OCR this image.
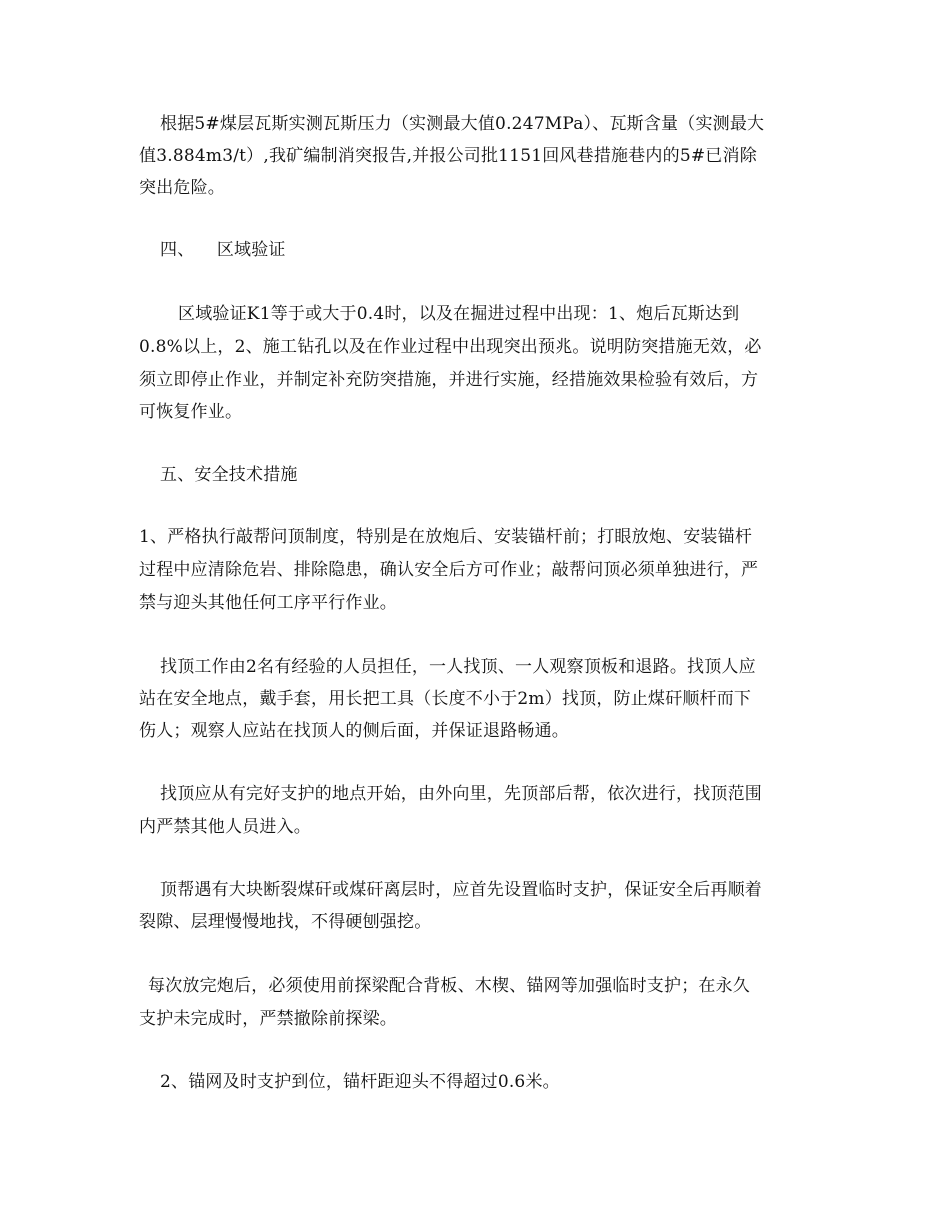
根据5#煤层瓦斯实测瓦斯压力（实测最大值0.247MPa）、瓦斯含量（实测最大
值3.884m3/t）,我矿编制消突报告,并报公司批1151回风巷措施巷内的5#已消除
突出危险。
四、    区域验证
区域验证K1等于或大于0.4时，以及在掘进过程中出现：1、炮后瓦斯达到
0.8%以上，2、施工钻孔以及在作业过程中出现突出预兆。说明防突措施无效，必
须立即停止作业，并制定补充防突措施，并进行实施，经措施效果检验有效后，方
可恢复作业。
五、安全技术措施
1、严格执行敲帮问顶制度，特别是在放炮后、安装锚杆前；打眼放炮、安装锚杆
过程中应清除危岩、排除隐患，确认安全后方可作业；敲帮问顶必须单独进行，严
禁与迎头其他任何工序平行作业。
找顶工作由2名有经验的人员担任，一人找顶、一人观察顶板和退路。找顶人应
站在安全地点，戴手套，用长把工具（长度不小于2m）找顶，防止煤矸顺杆而下
伤人；观察人应站在找顶人的侧后面，并保证退路畅通。
找顶应从有完好支护的地点开始，由外向里，先顶部后帮，依次进行，找顶范围
内严禁其他人员进入。
顶帮遇有大块断裂煤矸或煤矸离层时，应首先设置临时支护，保证安全后再顺着
裂隙、层理慢慢地找，不得硬刨强挖。
每次放完炮后，必须使用前探梁配合背板、木楔、锚网等加强临时支护；在永久
支护未完成时，严禁撤除前探梁。
2、锚网及时支护到位，锚杆距迎头不得超过0.6米。
